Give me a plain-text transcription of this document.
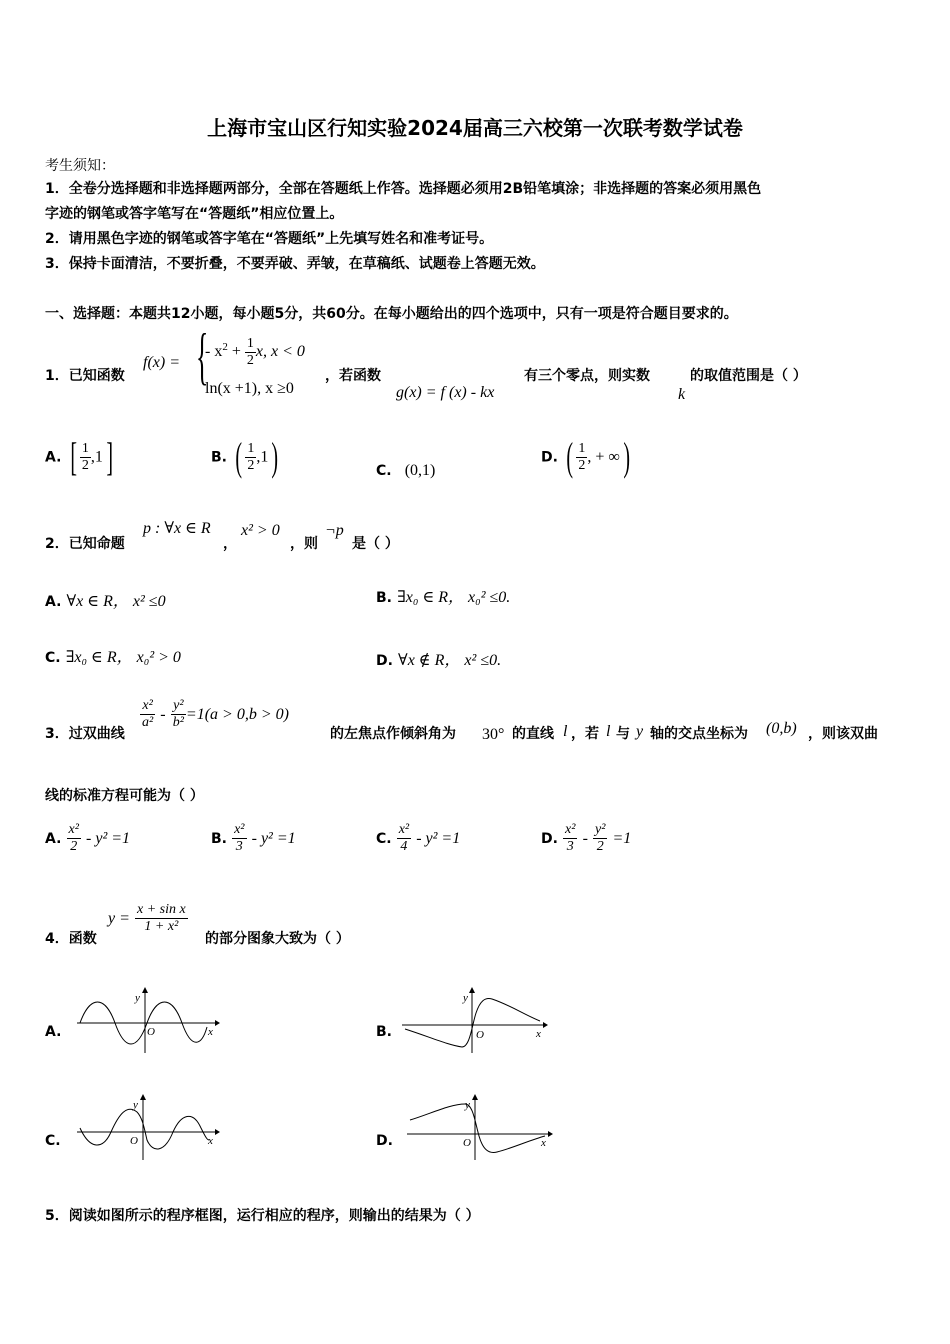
上海市宝山区行知实验2024届高三六校第一次联考数学试卷
考生须知：
1．全卷分选择题和非选择题两部分，全部在答题纸上作答。选择题必须用2B铅笔填涂；非选择题的答案必须用黑色
字迹的钢笔或答字笔写在“答题纸”相应位置上。
2．请用黑色字迹的钢笔或答字笔在“答题纸”上先填写姓名和准考证号。
3．保持卡面清洁，不要折叠，不要弄破、弄皱，在草稿纸、试题卷上答题无效。
一、选择题：本题共12小题，每小题5分，共60分。在每小题给出的四个选项中，只有一项是符合题目要求的。
1．已知函数
f(x) = {
- $x^2 + \frac{1}{2} x$, x < 0
ln(x +1), x ≥0
，若函数
g(x) = f (x) - kx
有三个零点，则实数
k
的取值范围是（ ）
A. [ $\frac{1}{2} ,1$]	B. ( $\frac{1}{2} ,1$)	C. (0,1)
D. ( $\frac{1}{2}$ , + ∞)
2．已知命题
p : ∀x ∈ R
，
x² > 0
，则
¬p
是（ ）
A. ∀x ∈ R， x² ≤0	B. ∃x₀ ∈ R， x₀² ≤0.
C. ∃x₀ ∈ R， x₀² > 0	D. ∀x ∉ R， x² ≤0.
3．过双曲线
$\frac{\text{x²}}{\text{a²}} - \frac{\text{y²}}{\text{b²}} =1(a > 0,b > 0)$
的左焦点作倾斜角为 30° 的直线 l ，若 l 与 y 轴的交点坐标为 (0,b) ，则该双曲
线的标准方程可能为（ ）
A. $\frac{\text{x²}}{2} - y^2 =1$	B. $\frac{\text{x²}}{3} - y^2 =1$	C. $\frac{\text{x²}}{4} - y^2 =1$	D. $\frac{\text{x²}}{3} - \frac{\text{y²}}{2} =1$
4．函数
$y = \frac{\text{x + sin x}}{\text{1 + x²}}$
的部分图象大致为（ ）
A.
y
O	x	B.
y
O	x
C.
y
O	x	D.
y
O	x
5．阅读如图所示的程序框图，运行相应的程序，则输出的结果为（ ）
